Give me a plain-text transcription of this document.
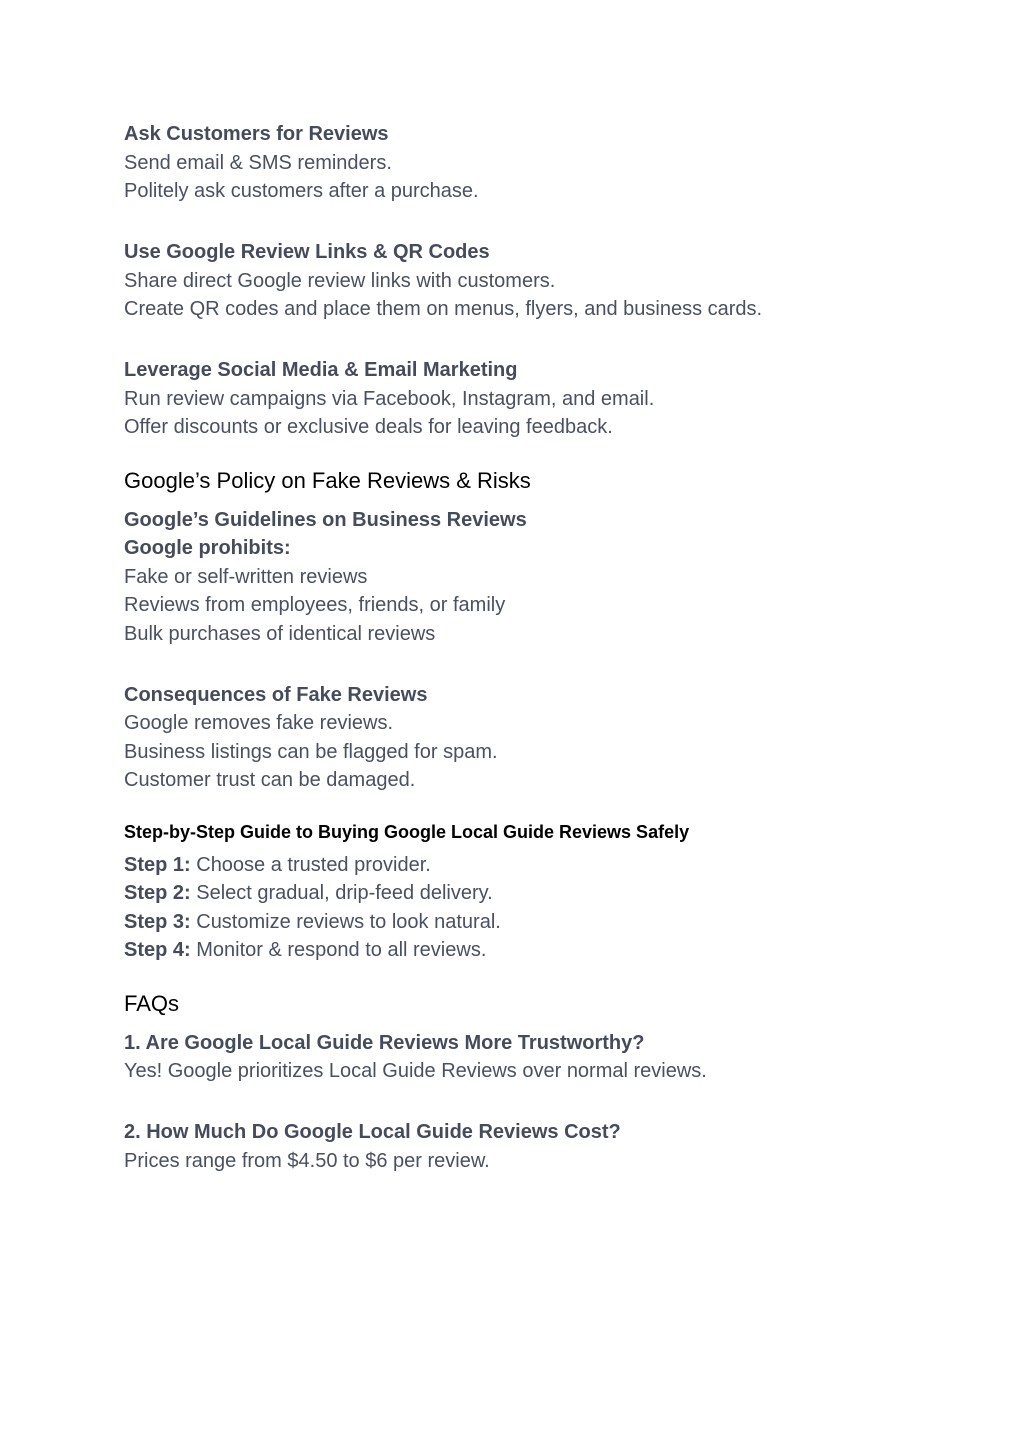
Ask Customers for Reviews
Send email & SMS reminders.
Politely ask customers after a purchase.
Use Google Review Links & QR Codes
Share direct Google review links with customers.
Create QR codes and place them on menus, flyers, and business cards.
Leverage Social Media & Email Marketing
Run review campaigns via Facebook, Instagram, and email.
Offer discounts or exclusive deals for leaving feedback.
Google’s Policy on Fake Reviews & Risks
Google’s Guidelines on Business Reviews
Google prohibits:
Fake or self-written reviews
Reviews from employees, friends, or family
Bulk purchases of identical reviews
Consequences of Fake Reviews
Google removes fake reviews.
Business listings can be flagged for spam.
Customer trust can be damaged.
Step-by-Step Guide to Buying Google Local Guide Reviews Safely
Step 1: Choose a trusted provider.
Step 2: Select gradual, drip-feed delivery.
Step 3: Customize reviews to look natural.
Step 4: Monitor & respond to all reviews.
FAQs
1. Are Google Local Guide Reviews More Trustworthy?
Yes! Google prioritizes Local Guide Reviews over normal reviews.
2. How Much Do Google Local Guide Reviews Cost?
Prices range from $4.50 to $6 per review.
